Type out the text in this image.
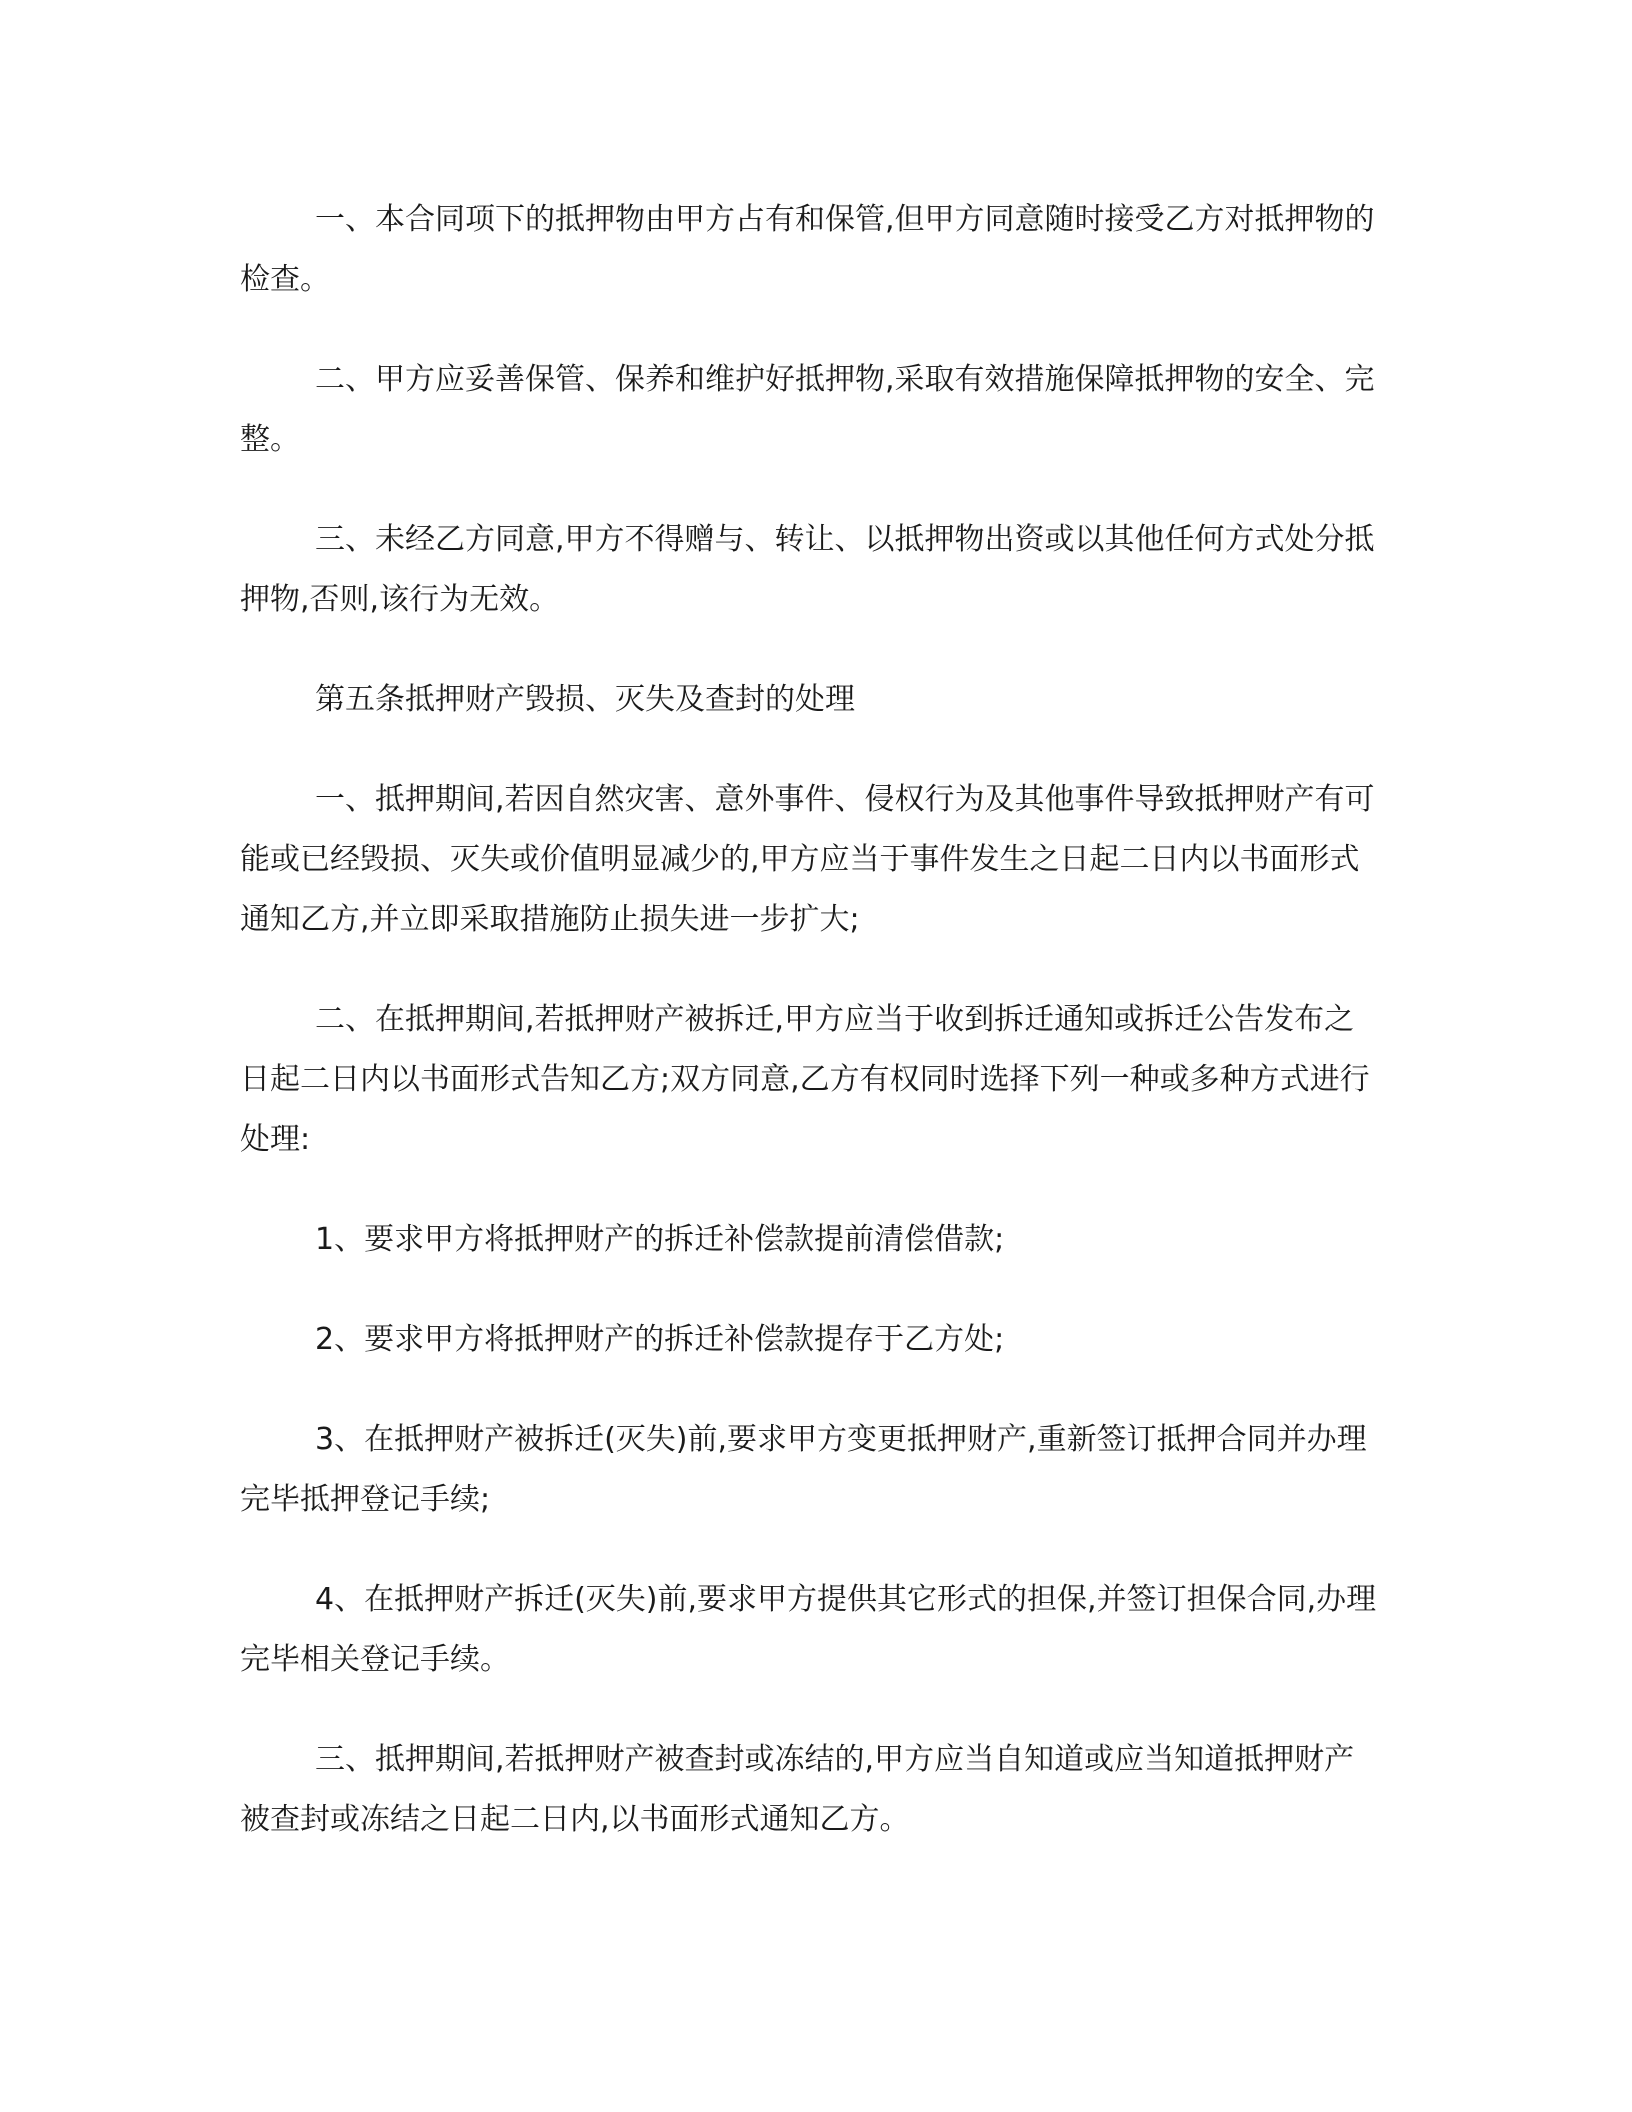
一、本合同项下的抵押物由甲方占有和保管,但甲方同意随时接受乙方对抵押物的检查。

二、甲方应妥善保管、保养和维护好抵押物,采取有效措施保障抵押物的安全、完整。

三、未经乙方同意,甲方不得赠与、转让、以抵押物出资或以其他任何方式处分抵押物,否则,该行为无效。

第五条抵押财产毁损、灭失及查封的处理

一、抵押期间,若因自然灾害、意外事件、侵权行为及其他事件导致抵押财产有可能或已经毁损、灭失或价值明显减少的,甲方应当于事件发生之日起二日内以书面形式通知乙方,并立即采取措施防止损失进一步扩大;

二、在抵押期间,若抵押财产被拆迁,甲方应当于收到拆迁通知或拆迁公告发布之日起二日内以书面形式告知乙方;双方同意,乙方有权同时选择下列一种或多种方式进行处理:

1、要求甲方将抵押财产的拆迁补偿款提前清偿借款;

2、要求甲方将抵押财产的拆迁补偿款提存于乙方处;

3、在抵押财产被拆迁(灭失)前,要求甲方变更抵押财产,重新签订抵押合同并办理完毕抵押登记手续;

4、在抵押财产拆迁(灭失)前,要求甲方提供其它形式的担保,并签订担保合同,办理完毕相关登记手续。

三、抵押期间,若抵押财产被查封或冻结的,甲方应当自知道或应当知道抵押财产被查封或冻结之日起二日内,以书面形式通知乙方。
